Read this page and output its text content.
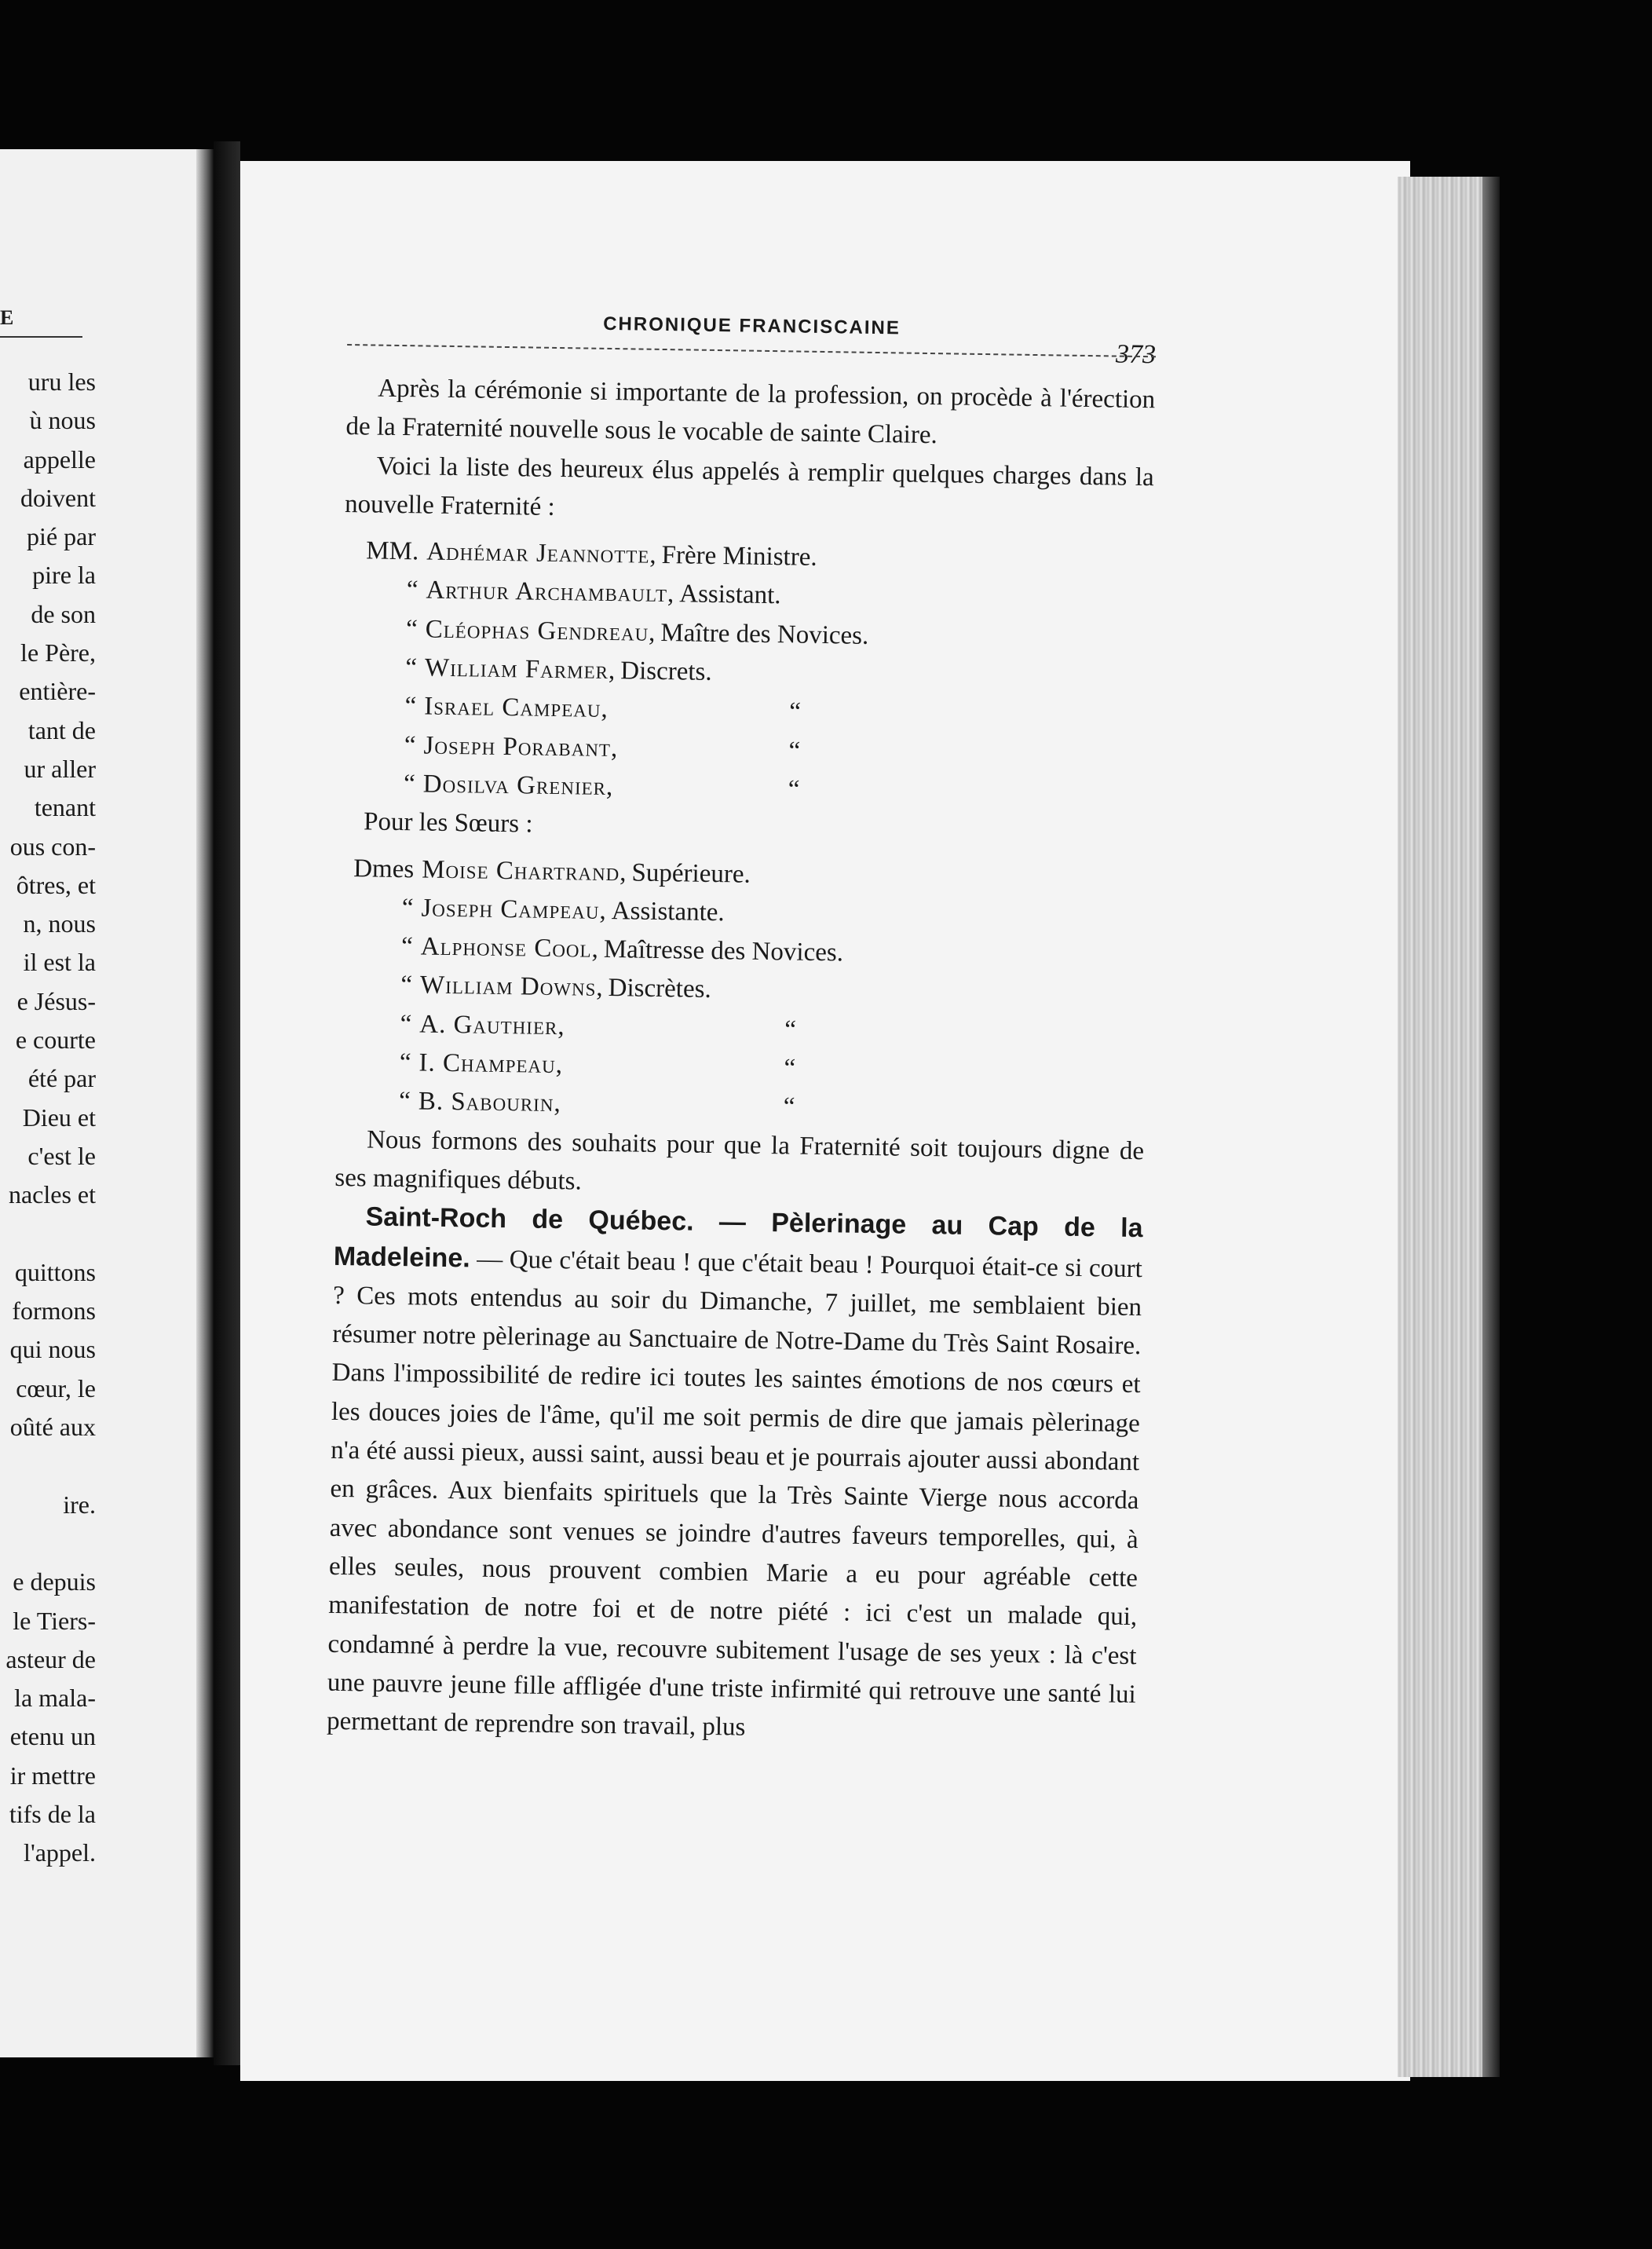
E
uru les
ù nous
appelle
doivent
pié par
pire la
de son
le Père,
entière-
tant de
ur aller
tenant
ous con-
ôtres, et
n, nous
il est la
e Jésus-
e courte
été par
Dieu et
c'est le
nacles et
quittons
formons
qui nous
cœur, le
oûté aux
ire.
e depuis
le Tiers-
asteur de
la mala-
etenu un
ir mettre
tifs de la
l'appel.
CHRONIQUE FRANCISCAINE
373

Après la cérémonie si importante de la profession, on procède à l'érection de la Fraternité nouvelle sous le vocable de sainte Claire.

Voici la liste des heureux élus appelés à remplir quelques charges dans la nouvelle Fraternité :

MM. Adhémar Jeannotte, Frère Ministre.
“ Arthur Archambault, Assistant.
“ Cléophas Gendreau, Maître des Novices.
“ William Farmer, Discrets.
“ Israel Campeau,	“
“ Joseph Porabant,	“
“ Dosilva Grenier,	“

Pour les Sœurs :

Dmes Moise Chartrand, Supérieure.
“ Joseph Campeau, Assistante.
“ Alphonse Cool, Maîtresse des Novices.
“ William Downs, Discrètes.
“ A. Gauthier,	“
“ I. Champeau,	“
“ B. Sabourin,	“

Nous formons des souhaits pour que la Fraternité soit toujours digne de ses magnifiques débuts.

Saint-Roch de Québec. — Pèlerinage au Cap de la Madeleine. — Que c'était beau ! que c'était beau ! Pourquoi était-ce si court ? Ces mots entendus au soir du Dimanche, 7 juillet, me semblaient bien résumer notre pèlerinage au Sanctuaire de Notre-Dame du Très Saint Rosaire. Dans l'impossibilité de redire ici toutes les saintes émotions de nos cœurs et les douces joies de l'âme, qu'il me soit permis de dire que jamais pèlerinage n'a été aussi pieux, aussi saint, aussi beau et je pourrais ajouter aussi abondant en grâces. Aux bienfaits spirituels que la Très Sainte Vierge nous accorda avec abondance sont venues se joindre d'autres faveurs temporelles, qui, à elles seules, nous prouvent combien Marie a eu pour agréable cette manifestation de notre foi et de notre piété : ici c'est un malade qui, condamné à perdre la vue, recouvre subitement l'usage de ses yeux : là c'est une pauvre jeune fille affligée d'une triste infirmité qui retrouve une santé lui permettant de reprendre son travail, plus
